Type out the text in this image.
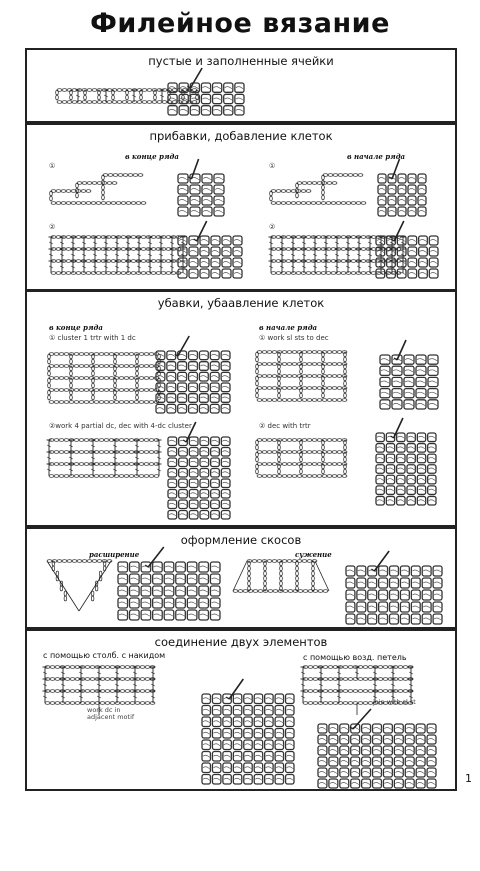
Филейное вязание
пустые и заполненные ячейки
прибавки, добавление клеток
в конце ряда	в начале ряда
①	①
②	②
убавки, убаавление клеток
в конце ряда	в начале ряда
① cluster 1 trtr with 1 dc	① work sl sts to dec
②work 4 partial dc, dec with 4-dc cluster	② dec with trtr
оформление скосов
расширение	сужение
соединение двух элементов
с помощью столб. с накидом	с помощью возд. петель
work dc in
adjacent motif
join with sl st
1
